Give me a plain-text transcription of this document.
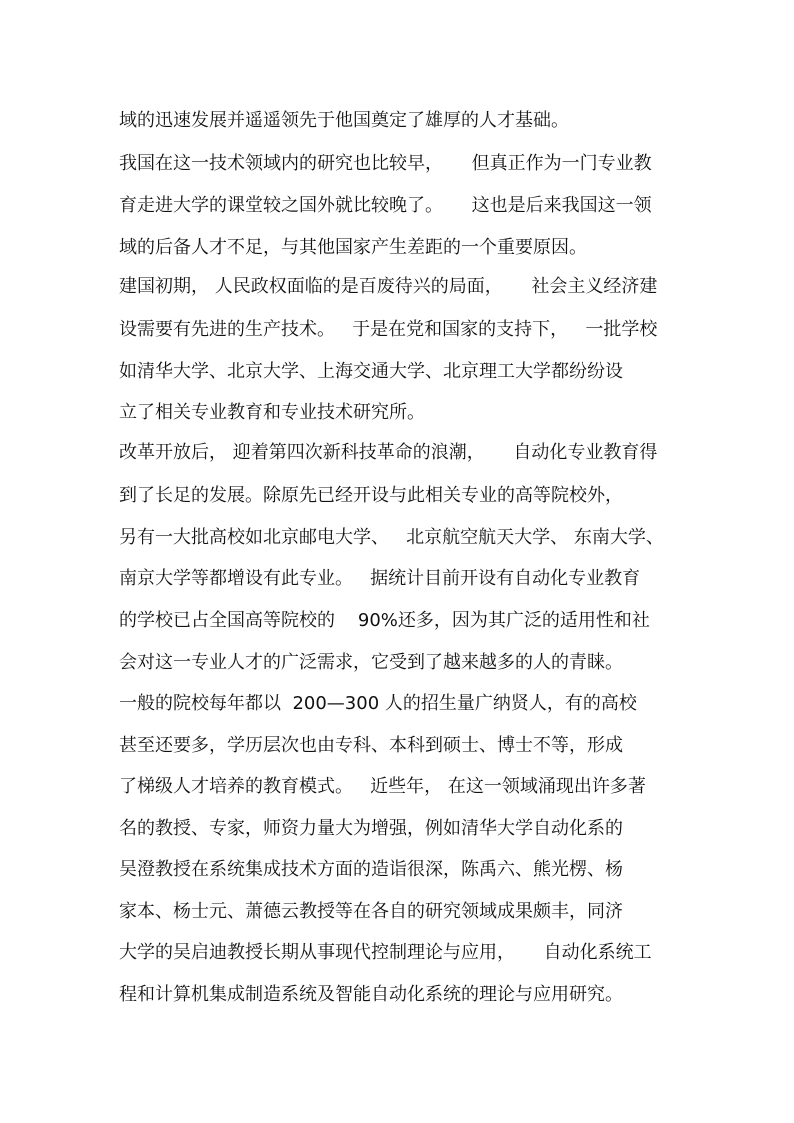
域的迅速发展并遥遥领先于他国奠定了雄厚的人才基础。
我国在这一技术领域内的研究也比较早，     但真正作为一门专业教
育走进大学的课堂较之国外就比较晚了。     这也是后来我国这一领
域的后备人才不足，与其他国家产生差距的一个重要原因。
建国初期， 人民政权面临的是百废待兴的局面，     社会主义经济建
设需要有先进的生产技术。   于是在党和国家的支持下，   一批学校
如清华大学、北京大学、上海交通大学、北京理工大学都纷纷设
立了相关专业教育和专业技术研究所。
改革开放后， 迎着第四次新科技革命的浪潮，     自动化专业教育得
到了长足的发展。除原先已经开设与此相关专业的高等院校外，
另有一大批高校如北京邮电大学、   北京航空航天大学、 东南大学、
南京大学等都增设有此专业。   据统计目前开设有自动化专业教育
的学校已占全国高等院校的    90%还多，因为其广泛的适用性和社
会对这一专业人才的广泛需求，它受到了越来越多的人的青睐。
一般的院校每年都以  200—300 人的招生量广纳贤人，有的高校
甚至还要多，学历层次也由专科、本科到硕士、博士不等，形成
了梯级人才培养的教育模式。   近些年， 在这一领域涌现出许多著
名的教授、专家，师资力量大为增强，例如清华大学自动化系的
吴澄教授在系统集成技术方面的造诣很深，陈禹六、熊光楞、杨
家本、杨士元、萧德云教授等在各自的研究领域成果颇丰，同济
大学的吴启迪教授长期从事现代控制理论与应用，     自动化系统工
程和计算机集成制造系统及智能自动化系统的理论与应用研究。
